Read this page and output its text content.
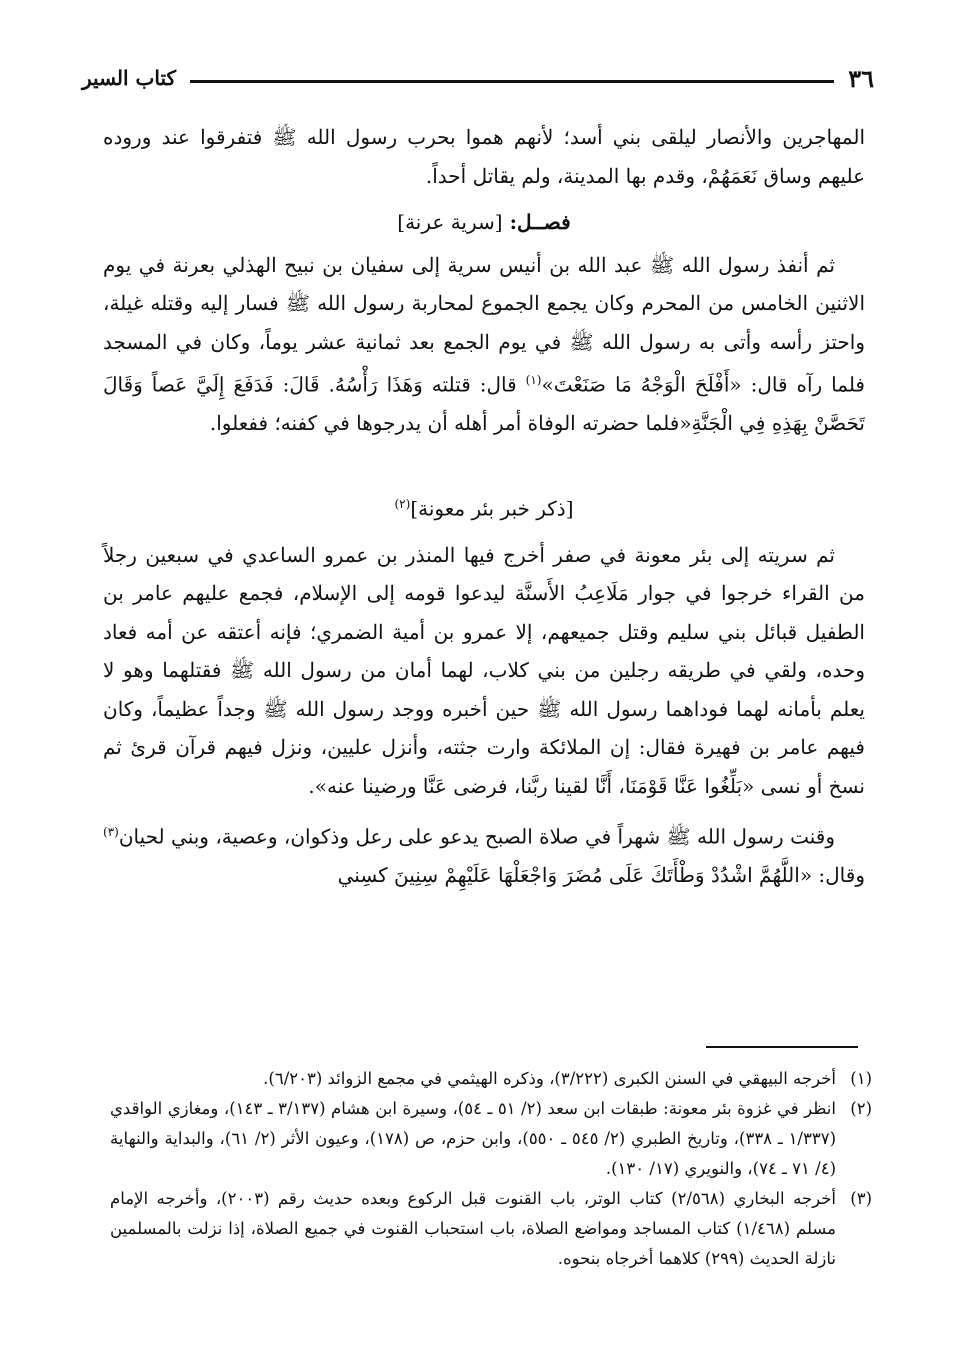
٣٦
كتاب السير

المهاجرين والأنصار ليلقى بني أسد؛ لأنهم هموا بحرب رسول الله ﷺ فتفرقوا عند وروده عليهم وساق نَعَمَهُمْ، وقدم بها المدينة، ولم يقاتل أحداً.

فصــل: [سرية عرنة]

ثم أنفذ رسول الله ﷺ عبد الله بن أنيس سرية إلى سفيان بن نبيح الهذلي بعرنة في يوم الاثنين الخامس من المحرم وكان يجمع الجموع لمحاربة رسول الله ﷺ فسار إليه وقتله غيلة، واحتز رأسه وأتى به رسول الله ﷺ في يوم الجمع بعد ثمانية عشر يوماً، وكان في المسجد فلما رآه قال: «أَفْلَحَ الْوَجْهُ مَا صَنَعْتَ»$^{(١)}$ قال: قتلته وَهَذَا رَأْسُهُ. قَالَ: فَدَفَعَ إِلَيَّ عَصاً وَقَالَ تَحَصَّنْ بِهَذِهِ فِي الْجَنَّةِ«فلما حضرته الوفاة أمر أهله أن يدرجوها في كفنه؛ ففعلوا.

[ذكر خبر بئر معونة]$^{(٢)}$

ثم سريته إلى بئر معونة في صفر أخرج فيها المنذر بن عمرو الساعدي في سبعين رجلاً من القراء خرجوا في جوار مَلَاعِبُ الأَسنَّة ليدعوا قومه إلى الإسلام، فجمع عليهم عامر بن الطفيل قبائل بني سليم وقتل جميعهم، إلا عمرو بن أمية الضمري؛ فإنه أعتقه عن أمه فعاد وحده، ولقي في طريقه رجلين من بني كلاب، لهما أمان من رسول الله ﷺ فقتلهما وهو لا يعلم بأمانه لهما فوداهما رسول الله ﷺ حين أخبره ووجد رسول الله ﷺ وجداً عظيماً، وكان فيهم عامر بن فهيرة فقال: إن الملائكة وارت جثته، وأنزل عليين، ونزل فيهم قرآن قرئ ثم نسخ أو نسى «بَلِّغُوا عَنَّا قَوْمَنَا، أَنَّا لقينا ربَّنا، فرضى عَنَّا ورضينا عنه».

وقنت رسول الله ﷺ شهراً في صلاة الصبح يدعو على رعل وذكوان، وعصية، وبني لحيان$^{(٣)}$ وقال: «اللَّهُمَّ اشْدُدْ وَطْأَتَكَ عَلَى مُضَرَ وَاجْعَلْهَا عَلَيْهِمْ سِنِينَ كسِني

(١)
أخرجه البيهقي في السنن الكبرى (٣/٢٢٢)، وذكره الهيثمي في مجمع الزوائد (٦/٢٠٣).
(٢)
انظر في غزوة بئر معونة: طبقات ابن سعد (٢/ ٥١ ـ ٥٤)، وسيرة ابن هشام (٣/١٣٧ ـ ١٤٣)، ومغازي الواقدي (١/٣٣٧ ـ ٣٣٨)، وتاريخ الطبري (٢/ ٥٤٥ ـ ٥٥٠)، وابن حزم، ص (١٧٨)، وعيون الأثر (٢/ ٦١)، والبداية والنهاية (٤/ ٧١ ـ ٧٤)، والنويري (١٧/ ١٣٠).
(٣)
أخرجه البخاري (٢/٥٦٨) كتاب الوتر، باب القنوت قبل الركوع وبعده حديث رقم (٢٠٠٣)، وأخرجه الإمام مسلم (١/٤٦٨) كتاب المساجد ومواضع الصلاة، باب استحباب القنوت في جميع الصلاة، إذا نزلت بالمسلمين نازلة الحديث (٢٩٩) كلاهما أخرجاه بنحوه.
